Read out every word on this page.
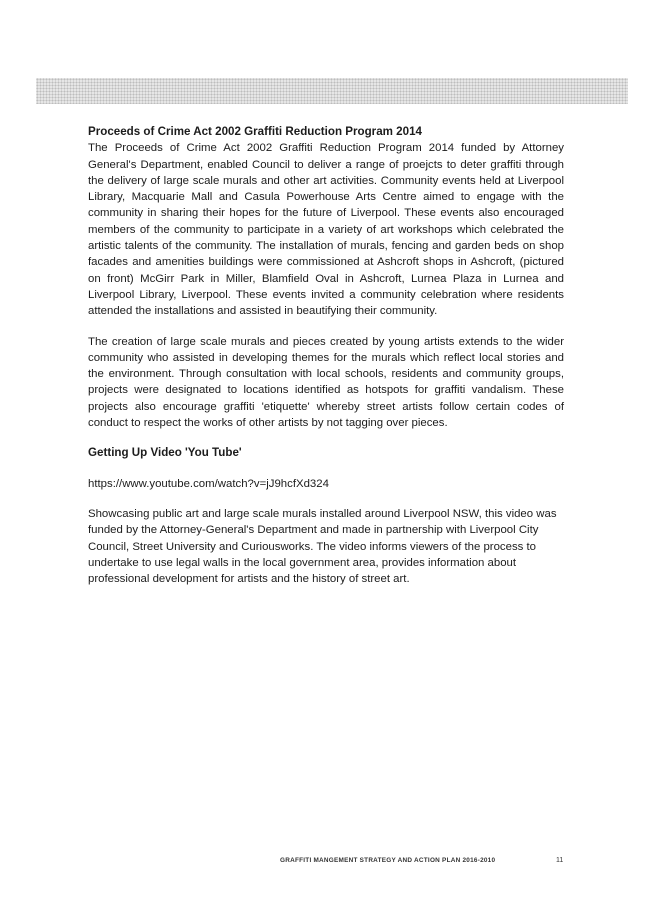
Proceeds of Crime Act 2002 Graffiti Reduction Program 2014

The Proceeds of Crime Act 2002 Graffiti Reduction Program 2014 funded by Attorney General's Department, enabled Council to deliver a range of proejcts to deter graffiti through the delivery of large scale murals and other art activities. Community events held at Liverpool Library, Macquarie Mall and Casula Powerhouse Arts Centre aimed to engage with the community in sharing their hopes for the future of Liverpool. These events also encouraged members of the community to participate in a variety of art workshops which celebrated the artistic talents of the community. The installation of murals, fencing and garden beds on shop facades and amenities buildings were commissioned at Ashcroft shops in Ashcroft, (pictured on front) McGirr Park in Miller, Blamfield Oval in Ashcroft, Lurnea Plaza in Lurnea and Liverpool Library, Liverpool. These events invited a community celebration where residents attended the installations and assisted in beautifying their community.

The creation of large scale murals and pieces created by young artists extends to the wider community who assisted in developing themes for the murals which reflect local stories and the environment. Through consultation with local schools, residents and community groups, projects were designated to locations identified as hotspots for graffiti vandalism. These projects also encourage graffiti 'etiquette' whereby street artists follow certain codes of conduct to respect the works of other artists by not tagging over pieces.

Getting Up Video 'You Tube'
https://www.youtube.com/watch?v=jJ9hcfXd324

Showcasing public art and large scale murals installed around Liverpool NSW, this video was funded by the Attorney-General's Department and made in partnership with Liverpool City Council, Street University and Curiousworks. The video informs viewers of the process to undertake to use legal walls in the local government area, provides information about professional development for artists and the history of street art.

GRAFFITI MANGEMENT STRATEGY AND ACTION PLAN 2016-2010	11
